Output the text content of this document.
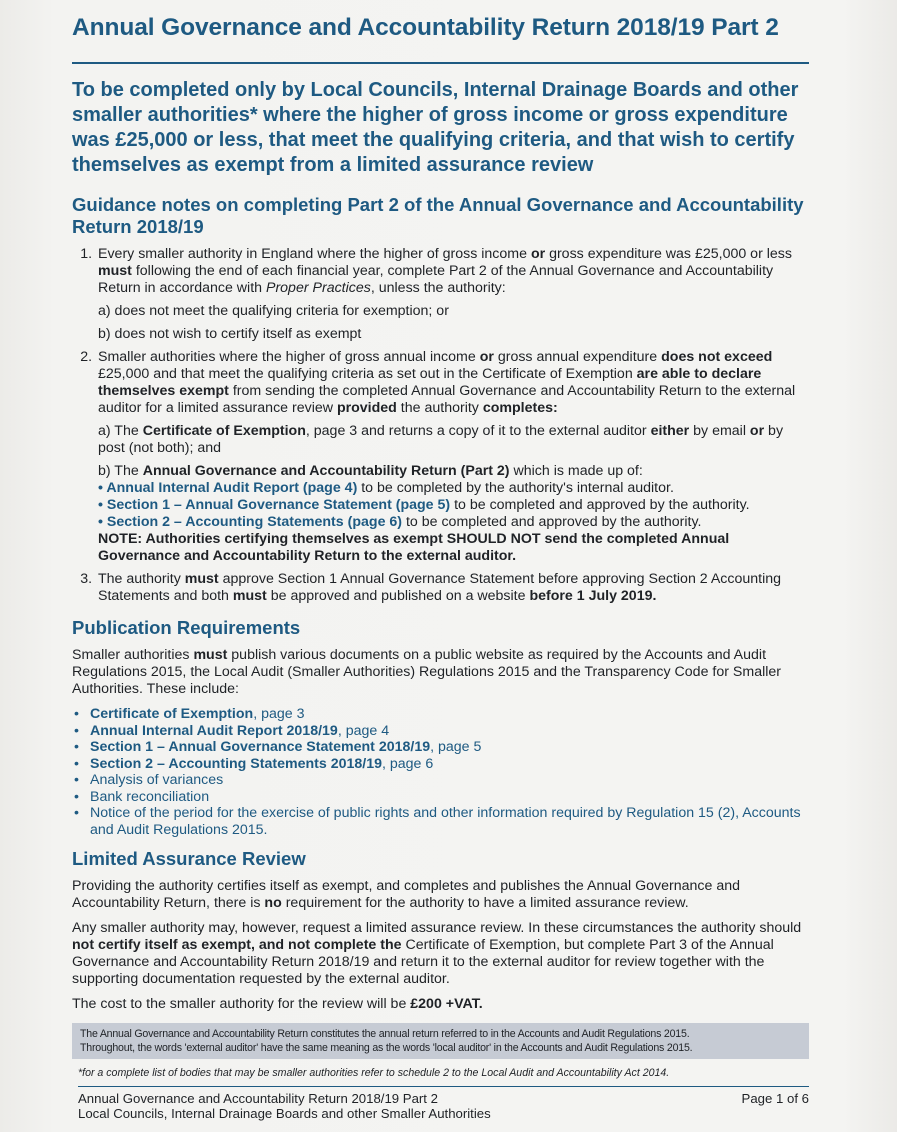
Annual Governance and Accountability Return 2018/19 Part 2

To be completed only by Local Councils, Internal Drainage Boards and other smaller authorities* where the higher of gross income or gross expenditure was £25,000 or less, that meet the qualifying criteria, and that wish to certify themselves as exempt from a limited assurance review

Guidance notes on completing Part 2 of the Annual Governance and Accountability Return 2018/19
1. Every smaller authority in England where the higher of gross income or gross expenditure was £25,000 or less must following the end of each financial year, complete Part 2 of the Annual Governance and Accountability Return in accordance with Proper Practices, unless the authority:
a) does not meet the qualifying criteria for exemption; or
b) does not wish to certify itself as exempt
2. Smaller authorities where the higher of gross annual income or gross annual expenditure does not exceed £25,000 and that meet the qualifying criteria as set out in the Certificate of Exemption are able to declare themselves exempt from sending the completed Annual Governance and Accountability Return to the external auditor for a limited assurance review provided the authority completes:
a) The Certificate of Exemption, page 3 and returns a copy of it to the external auditor either by email or by post (not both); and
b) The Annual Governance and Accountability Return (Part 2) which is made up of:
• Annual Internal Audit Report (page 4) to be completed by the authority's internal auditor.
• Section 1 – Annual Governance Statement (page 5) to be completed and approved by the authority.
• Section 2 – Accounting Statements (page 6) to be completed and approved by the authority.
NOTE: Authorities certifying themselves as exempt SHOULD NOT send the completed Annual Governance and Accountability Return to the external auditor.
3. The authority must approve Section 1 Annual Governance Statement before approving Section 2 Accounting Statements and both must be approved and published on a website before 1 July 2019.
Publication Requirements

Smaller authorities must publish various documents on a public website as required by the Accounts and Audit Regulations 2015, the Local Audit (Smaller Authorities) Regulations 2015 and the Transparency Code for Smaller Authorities. These include:

• Certificate of Exemption, page 3
• Annual Internal Audit Report 2018/19, page 4
• Section 1 – Annual Governance Statement 2018/19, page 5
• Section 2 – Accounting Statements 2018/19, page 6
• Analysis of variances
• Bank reconciliation
• Notice of the period for the exercise of public rights and other information required by Regulation 15 (2), Accounts and Audit Regulations 2015.
Limited Assurance Review

Providing the authority certifies itself as exempt, and completes and publishes the Annual Governance and Accountability Return, there is no requirement for the authority to have a limited assurance review.

Any smaller authority may, however, request a limited assurance review. In these circumstances the authority should not certify itself as exempt, and not complete the Certificate of Exemption, but complete Part 3 of the Annual Governance and Accountability Return 2018/19 and return it to the external auditor for review together with the supporting documentation requested by the external auditor.

The cost to the smaller authority for the review will be £200 +VAT.

The Annual Governance and Accountability Return constitutes the annual return referred to in the Accounts and Audit Regulations 2015.
Throughout, the words 'external auditor' have the same meaning as the words 'local auditor' in the Accounts and Audit Regulations 2015.

*for a complete list of bodies that may be smaller authorities refer to schedule 2 to the Local Audit and Accountability Act 2014.

Annual Governance and Accountability Return 2018/19 Part 2
Local Councils, Internal Drainage Boards and other Smaller Authorities
Page 1 of 6
